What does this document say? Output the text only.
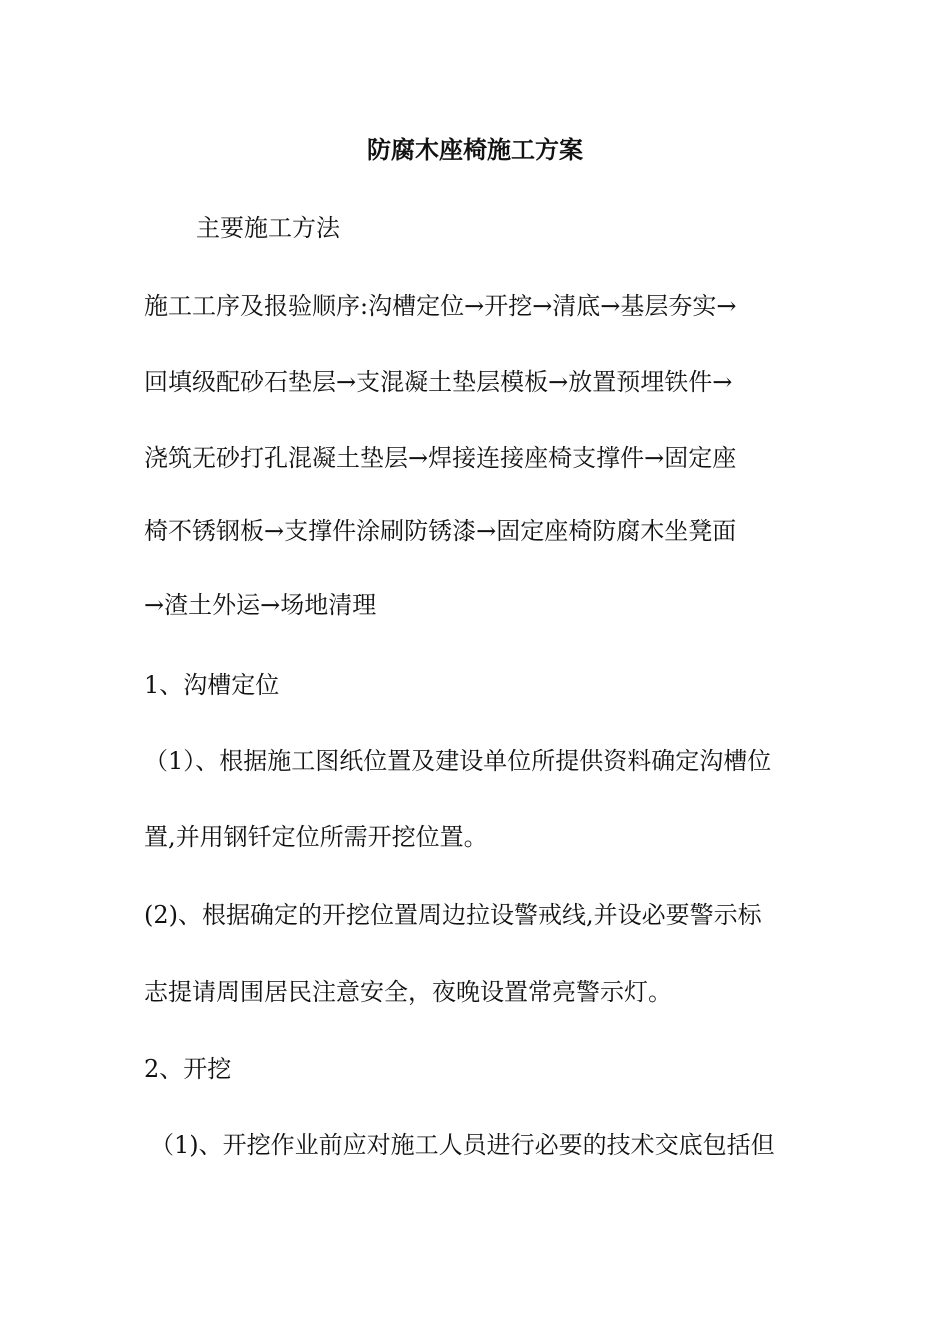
防腐木座椅施工方案
主要施工方法
施工工序及报验顺序:沟槽定位→开挖→清底→基层夯实→
回填级配砂石垫层→支混凝土垫层模板→放置预埋铁件→
浇筑无砂打孔混凝土垫层→焊接连接座椅支撑件→固定座
椅不锈钢板→支撑件涂刷防锈漆→固定座椅防腐木坐凳面
→渣土外运→场地清理
1、沟槽定位
（1）、根据施工图纸位置及建设单位所提供资料确定沟槽位
置,并用钢钎定位所需开挖位置。
(2)、根据确定的开挖位置周边拉设警戒线,并设必要警示标
志提请周围居民注意安全，夜晚设置常亮警示灯。
2、开挖
（1)、开挖作业前应对施工人员进行必要的技术交底包括但
